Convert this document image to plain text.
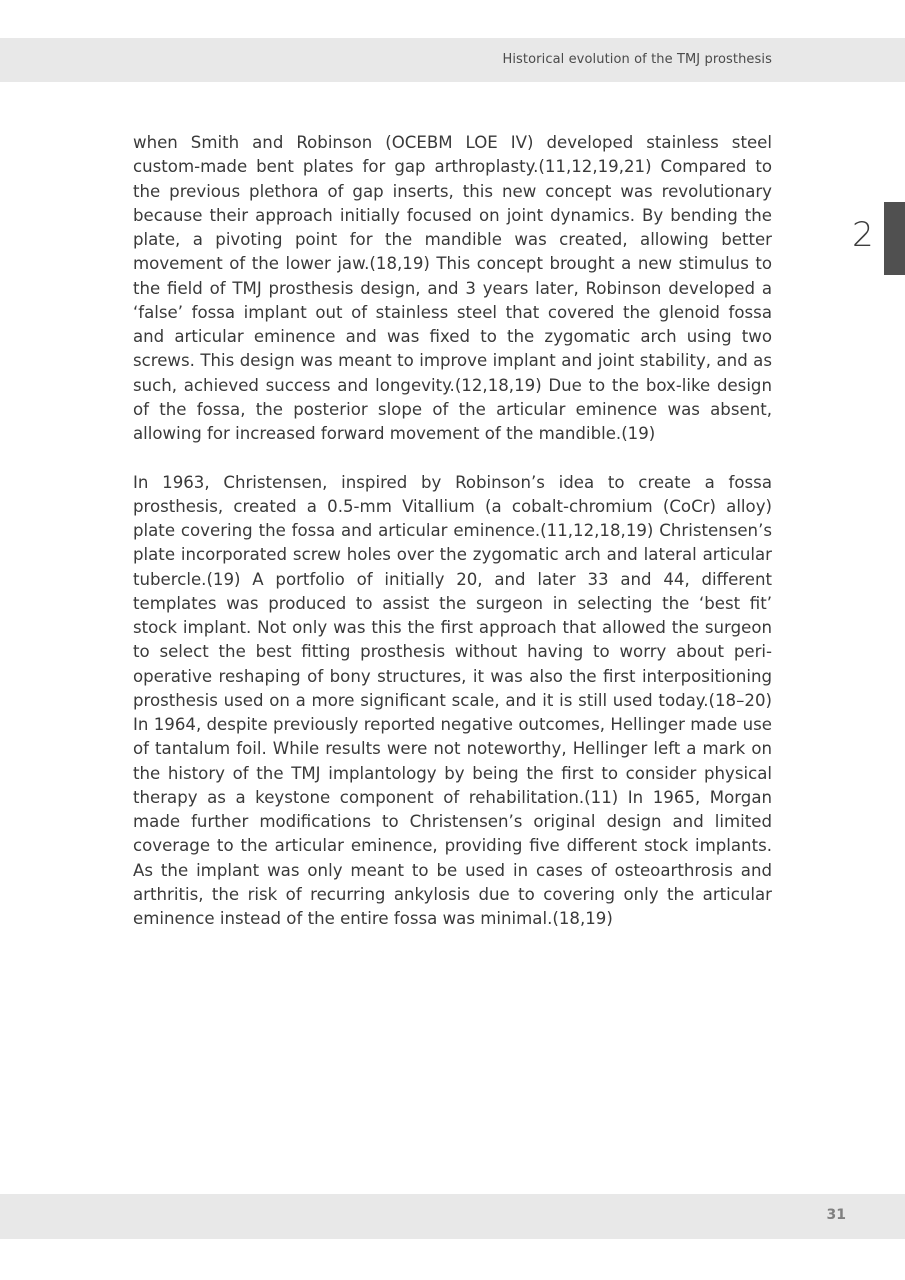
Historical evolution of the TMJ prosthesis
2

when Smith and Robinson (OCEBM LOE IV) developed stainless steel custom-made bent plates for gap arthroplasty.(11,12,19,21) Compared to the previous plethora of gap inserts, this new concept was revolutionary because their approach initially focused on joint dynamics. By bending the plate, a pivoting point for the mandible was created, allowing better movement of the lower jaw.(18,19) This concept brought a new stimulus to the field of TMJ prosthesis design, and 3 years later, Robinson developed a ‘false’ fossa implant out of stainless steel that covered the glenoid fossa and articular eminence and was fixed to the zygomatic arch using two screws. This design was meant to improve implant and joint stability, and as such, achieved success and longevity.(12,18,19) Due to the box-like design of the fossa, the posterior slope of the articular eminence was absent, allowing for increased forward movement of the mandible.(19)

In 1963, Christensen, inspired by Robinson’s idea to create a fossa prosthesis, created a 0.5-mm Vitallium (a cobalt-chromium (CoCr) alloy) plate covering the fossa and articular eminence.(11,12,18,19) Christensen’s plate incorporated screw holes over the zygomatic arch and lateral articular tubercle.(19) A portfolio of initially 20, and later 33 and 44, different templates was produced to assist the surgeon in selecting the ‘best fit’ stock implant. Not only was this the first approach that allowed the surgeon to select the best fitting prosthesis without having to worry about peri-operative reshaping of bony structures, it was also the first interpositioning prosthesis used on a more significant scale, and it is still used today.(18–20) In 1964, despite previously reported negative outcomes, Hellinger made use of tantalum foil. While results were not noteworthy, Hellinger left a mark on the history of the TMJ implantology by being the first to consider physical therapy as a keystone component of rehabilitation.(11) In 1965, Morgan made further modifications to Christensen’s original design and limited coverage to the articular eminence, providing five different stock implants. As the implant was only meant to be used in cases of osteoarthrosis and arthritis, the risk of recurring ankylosis due to covering only the articular eminence instead of the entire fossa was minimal.(18,19)

31
